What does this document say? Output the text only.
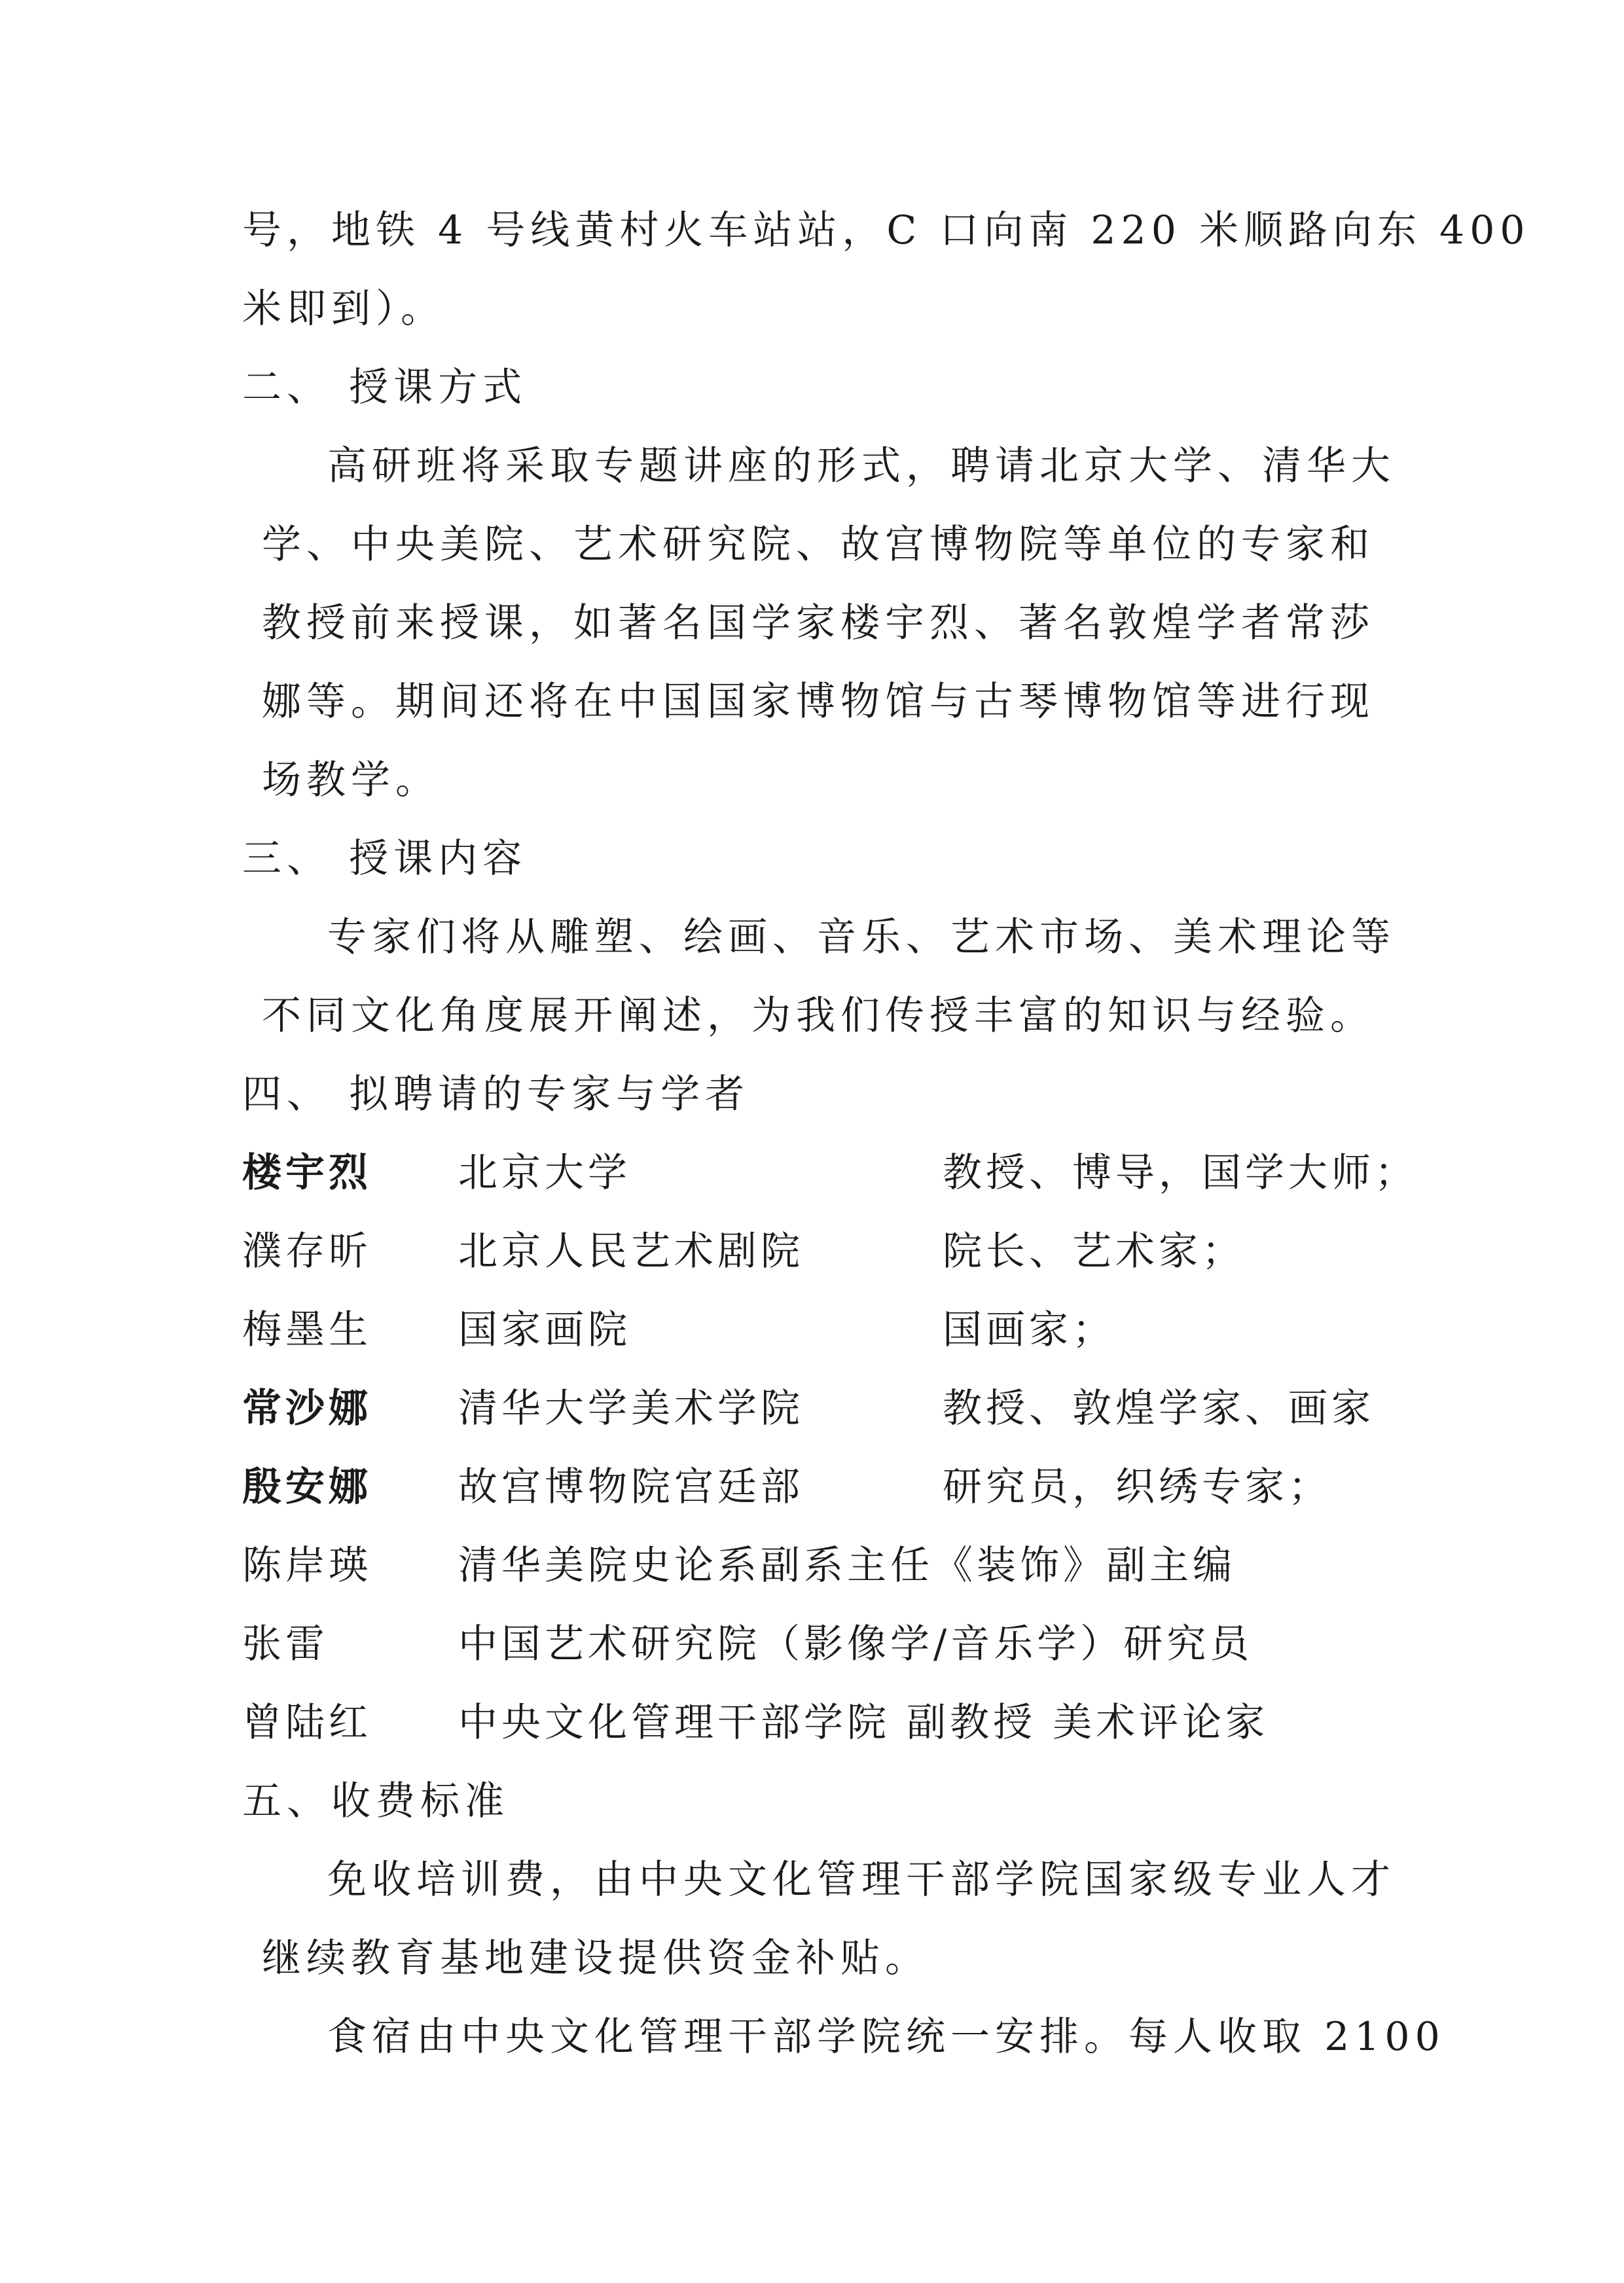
号，地铁 4 号线黄村火车站站，C 口向南 220 米顺路向东 400
米即到）。
二、 授课方式
高研班将采取专题讲座的形式，聘请北京大学、清华大
学、中央美院、艺术研究院、故宫博物院等单位的专家和
教授前来授课，如著名国学家楼宇烈、著名敦煌学者常莎
娜等。期间还将在中国国家博物馆与古琴博物馆等进行现
场教学。
三、 授课内容
专家们将从雕塑、绘画、音乐、艺术市场、美术理论等
不同文化角度展开阐述，为我们传授丰富的知识与经验。
四、 拟聘请的专家与学者
楼宇烈 北京大学	教授、博导，国学大师；
濮存昕 北京人民艺术剧院	院长、艺术家；
梅墨生 国家画院	国画家；
常沙娜 清华大学美术学院	教授、敦煌学家、画家
殷安娜 故宫博物院宫廷部	研究员，织绣专家；
陈岸瑛 清华美院史论系副系主任《装饰》副主编
张雷	中国艺术研究院（影像学/音乐学）研究员
曾陆红 中央文化管理干部学院 副教授 美术评论家
五、收费标准
免收培训费，由中央文化管理干部学院国家级专业人才
继续教育基地建设提供资金补贴。
食宿由中央文化管理干部学院统一安排。每人收取 2100
